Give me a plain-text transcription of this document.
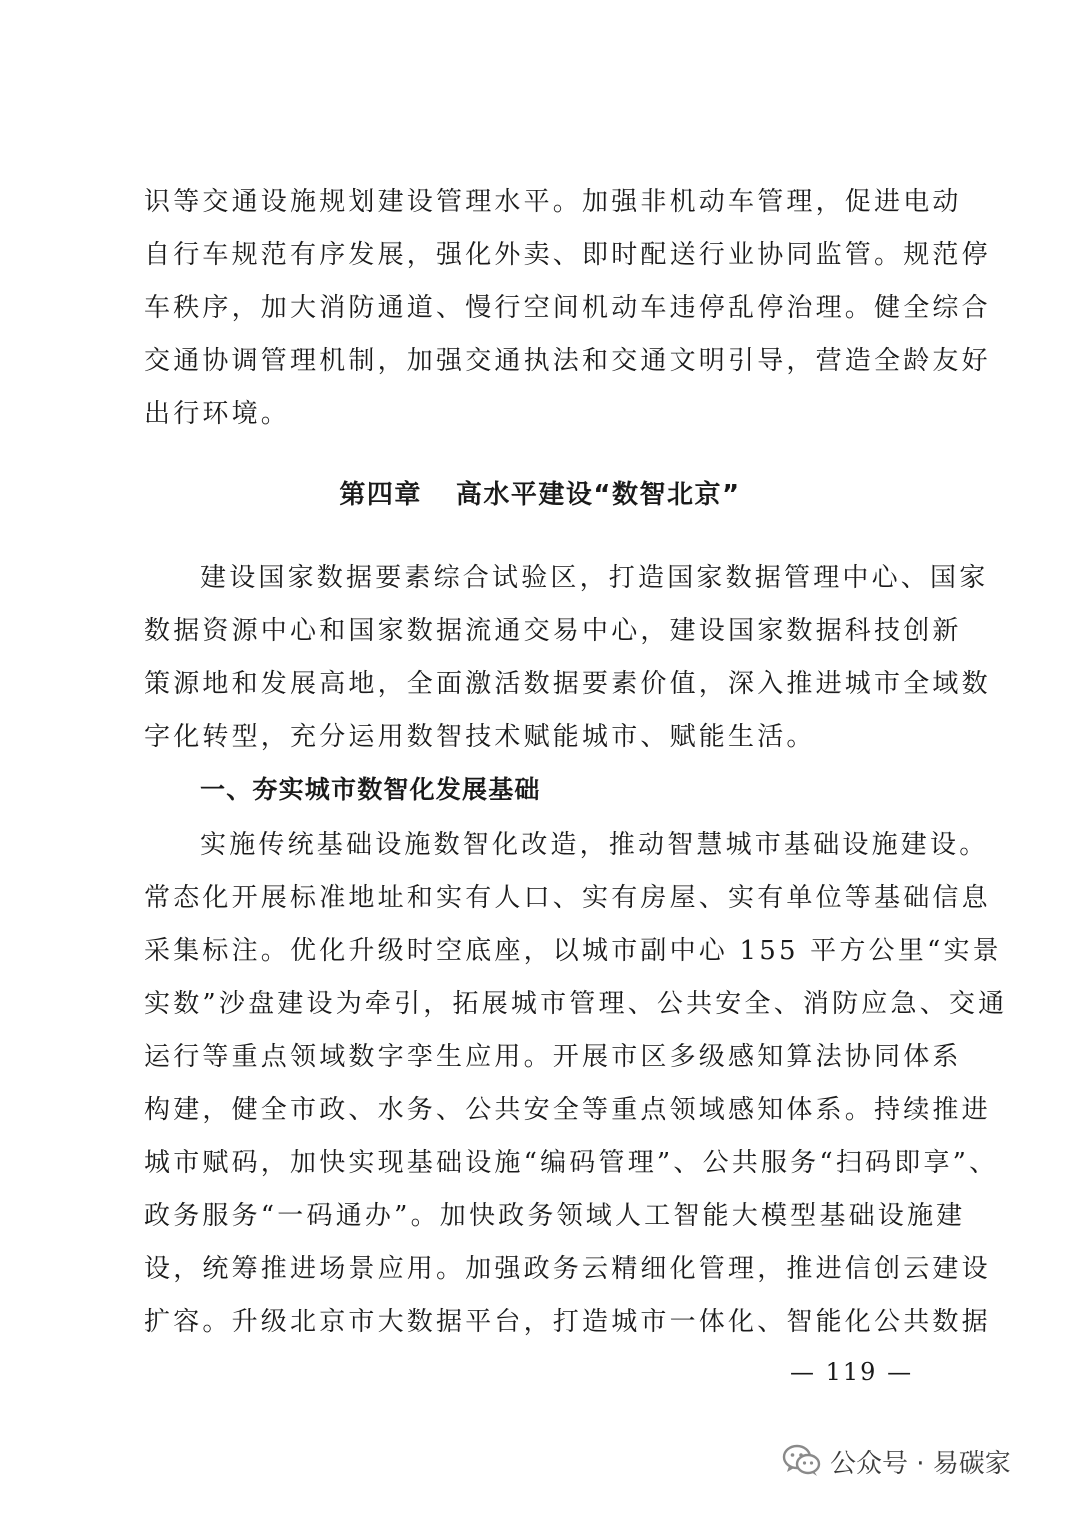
识等交通设施规划建设管理水平。加强非机动车管理，促进电动
自行车规范有序发展，强化外卖、即时配送行业协同监管。规范停
车秩序，加大消防通道、慢行空间机动车违停乱停治理。健全综合
交通协调管理机制，加强交通执法和交通文明引导，营造全龄友好
出行环境。
第四章 高水平建设“数智北京”
建设国家数据要素综合试验区，打造国家数据管理中心、国家
数据资源中心和国家数据流通交易中心，建设国家数据科技创新
策源地和发展高地，全面激活数据要素价值，深入推进城市全域数
字化转型，充分运用数智技术赋能城市、赋能生活。
一、夯实城市数智化发展基础
实施传统基础设施数智化改造，推动智慧城市基础设施建设。
常态化开展标准地址和实有人口、实有房屋、实有单位等基础信息
采集标注。优化升级时空底座，以城市副中心 155 平方公里“实景
实数”沙盘建设为牵引，拓展城市管理、公共安全、消防应急、交通
运行等重点领域数字孪生应用。开展市区多级感知算法协同体系
构建，健全市政、水务、公共安全等重点领域感知体系。持续推进
城市赋码，加快实现基础设施“编码管理”、公共服务“扫码即享”、
政务服务“一码通办”。加快政务领域人工智能大模型基础设施建
设，统筹推进场景应用。加强政务云精细化管理，推进信创云建设
扩容。升级北京市大数据平台，打造城市一体化、智能化公共数据
— 119 —
公众号 · 易碳家
